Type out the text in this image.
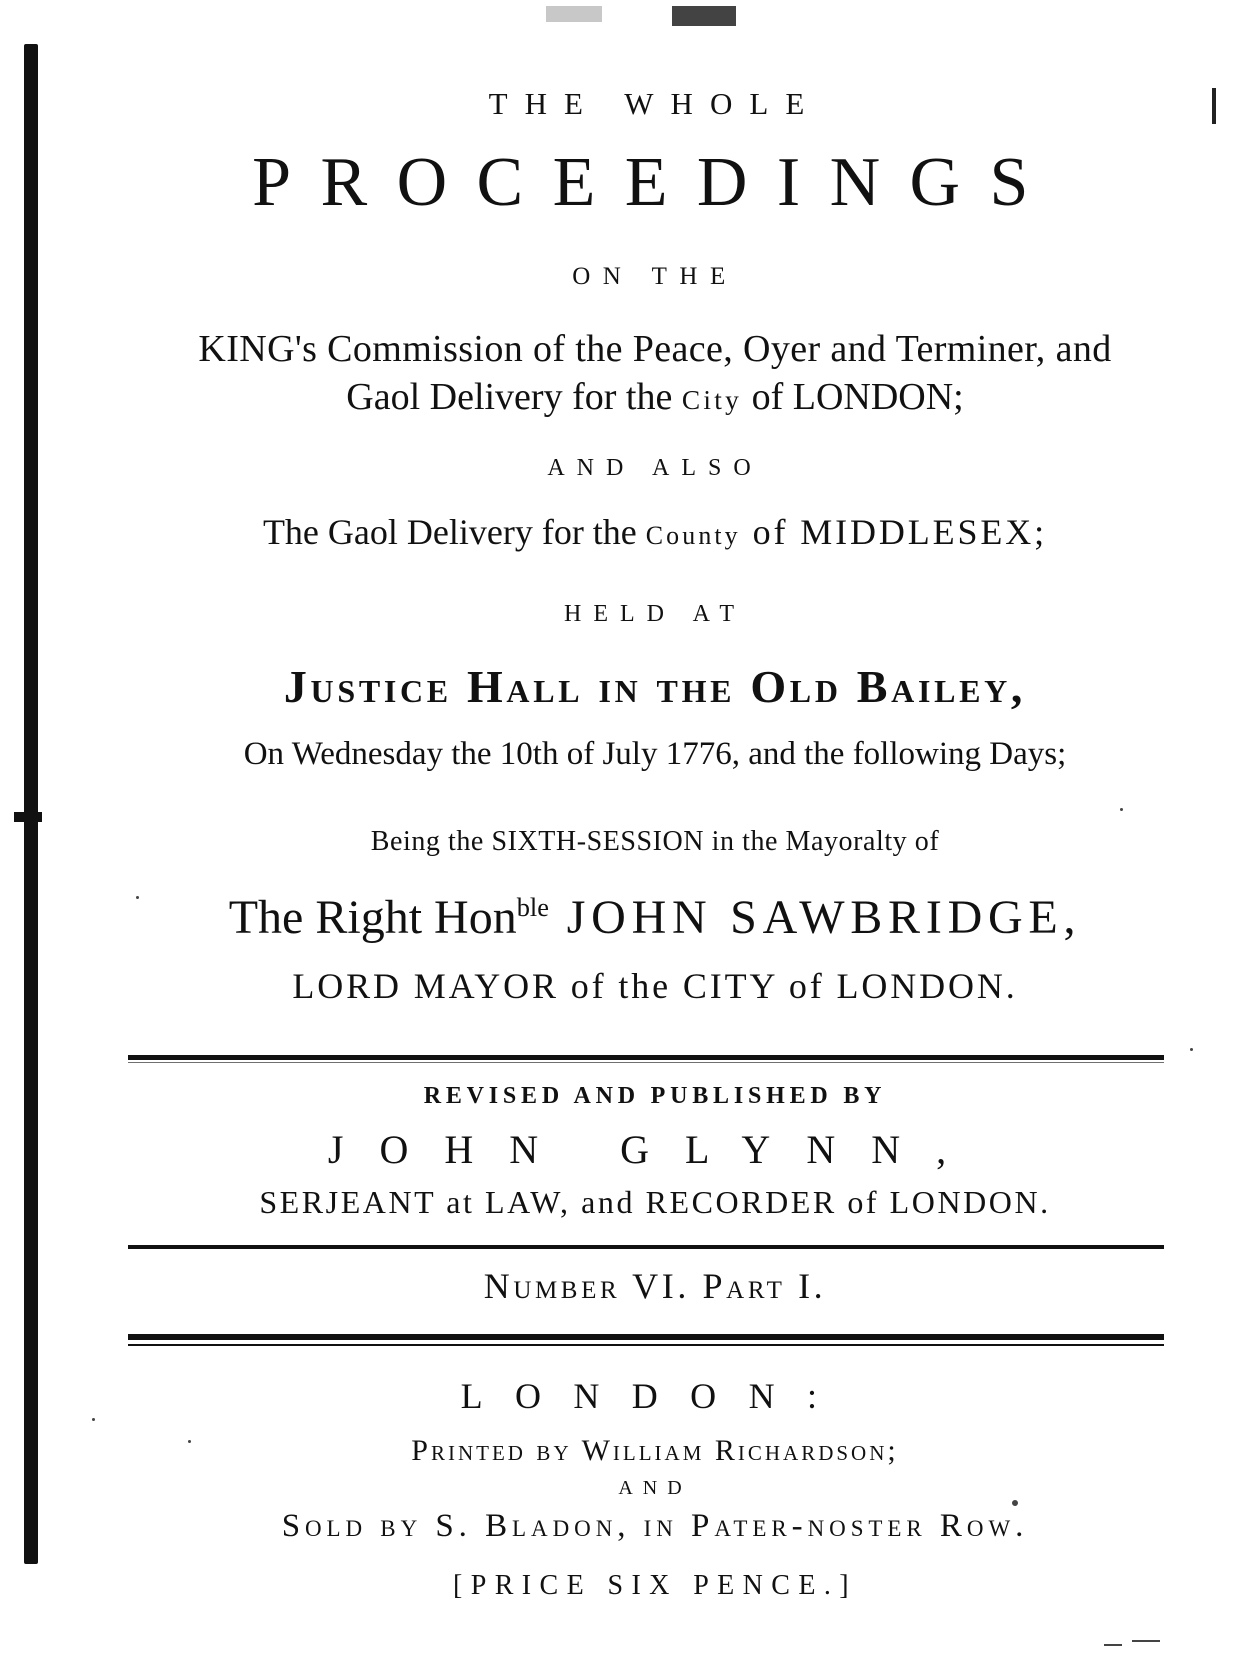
THE WHOLE
PROCEEDINGS
ON THE
KING's Commission of the Peace, Oyer and Terminer, and
Gaol Delivery for the City of LONDON;
AND ALSO
The Gaol Delivery for the County of MIDDLESEX;
HELD AT
Justice Hall in the Old Bailey,
On Wednesday the 10th of July 1776, and the following Days;
Being the SIXTH-SESSION in the Mayoralty of
The Right Hon$^{ble}$ JOHN SAWBRIDGE,
LORD MAYOR of the CITY of LONDON.
REVISED AND PUBLISHED BY
JOHN GLYNN,
SERJEANT at LAW, and RECORDER of LONDON.
Number VI. Part I.
LONDON:
Printed by William Richardson;
AND
Sold by S. Bladon, in Pater-noster Row.
[PRICE SIX PENCE.]
